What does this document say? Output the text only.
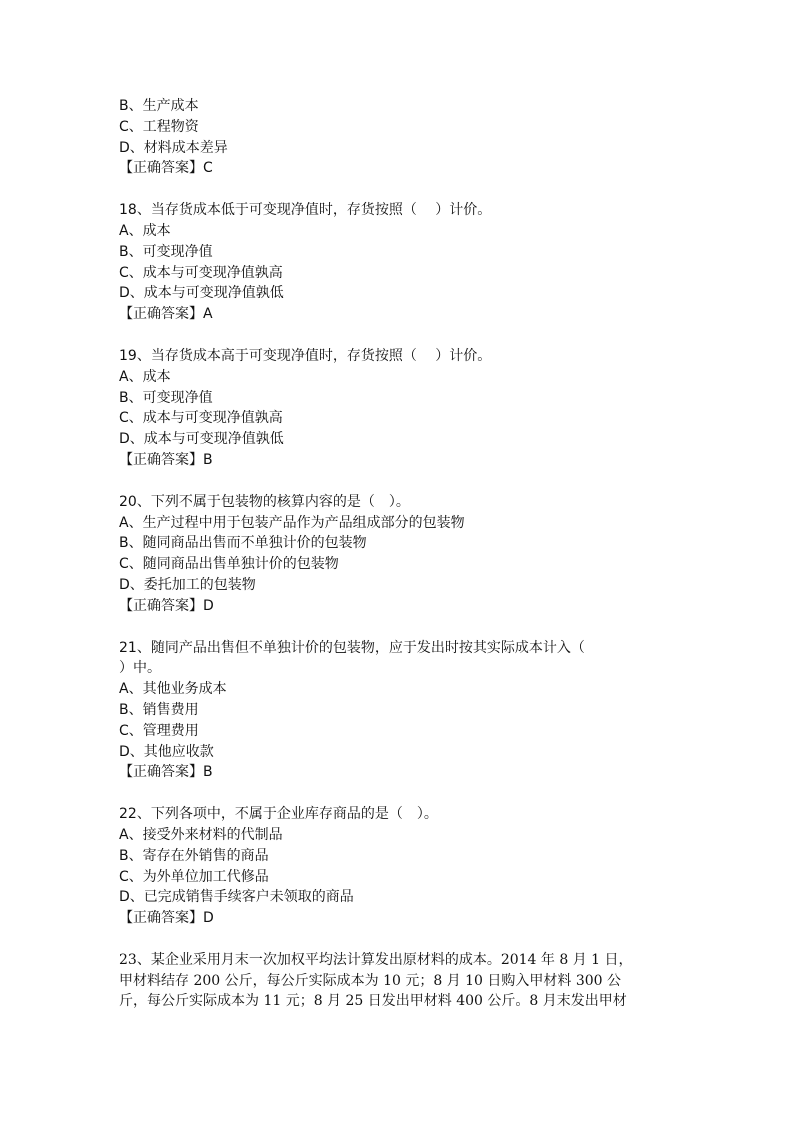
B、生产成本
C、工程物资
D、材料成本差异
【正确答案】C
18、当存货成本低于可变现净值时，存货按照（　 ）计价。
A、成本
B、可变现净值
C、成本与可变现净值孰高
D、成本与可变现净值孰低
【正确答案】A
19、当存货成本高于可变现净值时，存货按照（　 ）计价。
A、成本
B、可变现净值
C、成本与可变现净值孰高
D、成本与可变现净值孰低
【正确答案】B
20、下列不属于包装物的核算内容的是（　）。
A、生产过程中用于包装产品作为产品组成部分的包装物
B、随同商品出售而不单独计价的包装物
C、随同商品出售单独计价的包装物
D、委托加工的包装物
【正确答案】D
21、随同产品出售但不单独计价的包装物，应于发出时按其实际成本计入（
）中。
A、其他业务成本
B、销售费用
C、管理费用
D、其他应收款
【正确答案】B
22、下列各项中，不属于企业库存商品的是（　）。
A、接受外来材料的代制品
B、寄存在外销售的商品
C、为外单位加工代修品
D、已完成销售手续客户未领取的商品
【正确答案】D
23、某企业采用月末一次加权平均法计算发出原材料的成本。2014 年 8 月 1 日，
甲材料结存 200 公斤，每公斤实际成本为 10 元；8 月 10 日购入甲材料 300 公
斤，每公斤实际成本为 11 元；8 月 25 日发出甲材料 400 公斤。8 月末发出甲材
